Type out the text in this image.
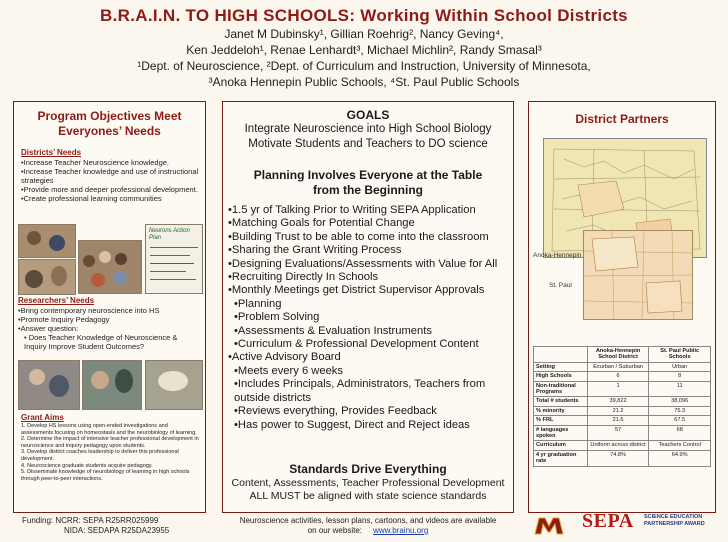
B.R.A.I.N. TO HIGH SCHOOLS: Working Within School Districts
Janet M Dubinsky¹, Gillian Roehrig², Nancy Geving⁴,
Ken Jeddeloh¹, Renae Lenhardt³, Michael Michlin², Randy Smasal³
¹Dept. of Neuroscience, ²Dept. of Curriculum and Instruction, University of Minnesota,
³Anoka Hennepin Public Schools, ⁴St. Paul Public Schools
Program Objectives Meet
Everyones’ Needs
Districts’ Needs
•Increase Teacher Neuroscience knowledge.
•Increase Teacher knowledge and use of instructional strategies
•Provide more and deeper professional development.
•Create professional learning communities
Neurons Action Plan
Researchers’ Needs
•Bring contemporary neuroscience into HS
•Promote Inquiry Pedagogy
•Answer question:
• Does Teacher Knowledge of Neuroscience & Inquiry Improve Student Outcomes?
Grant Aims
1. Develop HS lessons using open-ended investigations and assessments focusing on homeostasis and the neurobiology of learning.
2. Determine the impact of intensive teacher professional development in neuroscience and inquiry pedagogy upon students.
3. Develop district coaches leadership to deliver this professional development.
4. Neuroscience graduate students acquire pedagogy.
5. Disseminate knowledge of neurobiology of learning in high schools through peer-to-peer interactions.
GOALS
Integrate Neuroscience into High School Biology
Motivate Students and Teachers to DO science
Planning Involves Everyone at the Table
from the Beginning
•1.5 yr of Talking Prior to Writing SEPA Application
•Matching Goals for Potential Change
•Building Trust to be able to come into the classroom
•Sharing the Grant Writing Process
•Designing Evaluations/Assessments with Value for All
•Recruiting Directly In Schools
•Monthly Meetings get District Supervisor Approvals
•Planning
•Problem Solving
•Assessments & Evaluation Instruments
•Curriculum & Professional Development Content
•Active Advisory Board
•Meets every 6 weeks
•Includes Principals, Administrators, Teachers from
outside districts
•Reviews everything, Provides Feedback
•Has power to Suggest, Direct and Reject ideas
Standards Drive Everything
Content, Assessments, Teacher Professional Development
ALL MUST be aligned with state science standards
District Partners
Anoka-Hennepin
St. Paul
	Anoka-Hennepin School District	St. Paul Public Schools
Setting	Exurban / Suburban	Urban
High Schools	6	8
Non-traditional Programs	1	11
Total # students	39,822	38,096
% minority	21.2	75.3
% FRL	21.6	67.5
# languages spoken	57	68
Curriculum	Uniform across district	Teachers Control
4 yr graduation rate	74.8%	64.9%
Funding: NCRR: SEPA R25RR025999
NIDA: SEDAPA R25DA23955
Neuroscience activities, lesson plans, cartoons, and videos are available
on our website: www.brainu.org	SEPA SCIENCE EDUCATION
PARTNERSHIP AWARD
